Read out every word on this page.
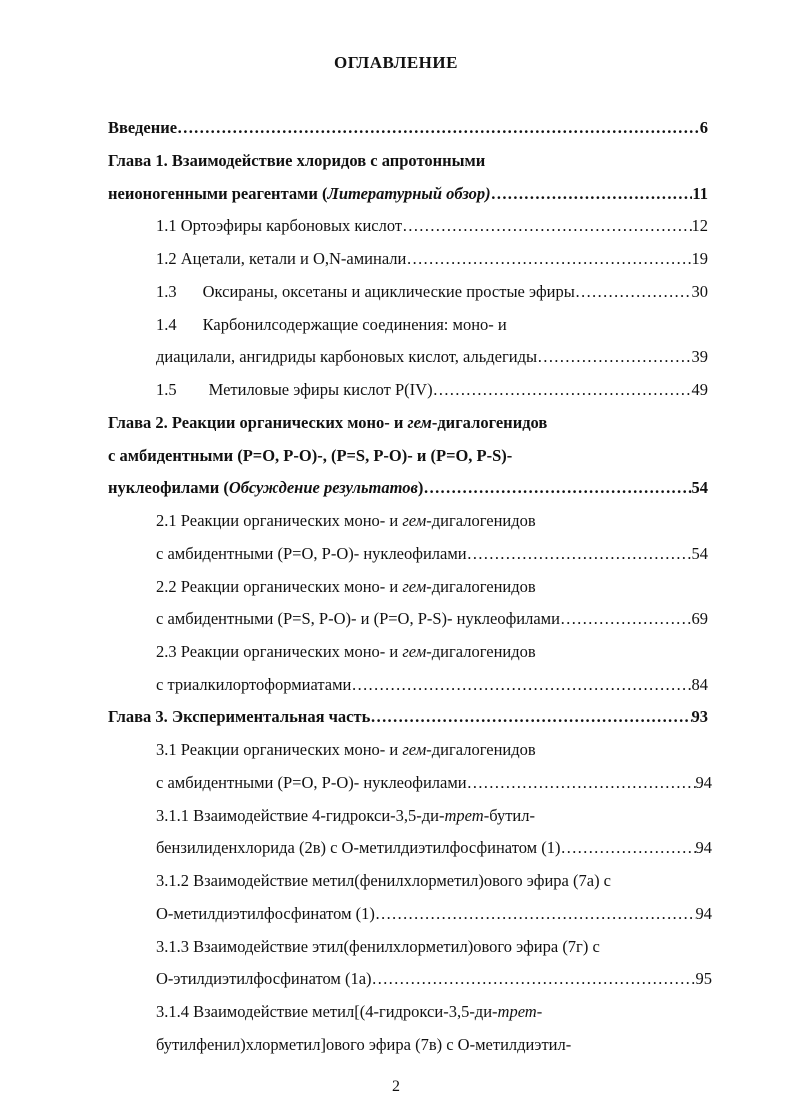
ОГЛАВЛЕНИЕ
Введение ……………………………………………………………………………………………………………………………………………………………………………	6
Глава 1. Взаимодействие хлоридов с апротонными
неионогенными реагентами (Литературный обзор) ……………………………………………………………………………………………………………………………………………………………………………	11
1.1 Ортоэфиры карбоновых кислот ……………………………………………………………………………………………………………………………………………………………………………	12
1.2 Ацетали, кетали и O,N-аминали ……………………………………………………………………………………………………………………………………………………………………………	19
1.3 Оксираны, оксетаны и ациклические простые эфиры ……………………………………………………………………………………………………………………………………………………………………………	30
1.4 Карбонилсодержащие соединения: моно- и
диацилали, ангидриды карбоновых кислот, альдегиды ……………………………………………………………………………………………………………………………………………………………………………	39
1.5 Метиловые эфиры кислот P(IV) ……………………………………………………………………………………………………………………………………………………………………………	49
Глава 2. Реакции органических моно- и гем-дигалогенидов
с амбидентными (P=O, P-O)-, (P=S, P-O)- и (P=O, P-S)-
нуклеофилами (Обсуждение результатов) ……………………………………………………………………………………………………………………………………………………………………………	54
2.1 Реакции органических моно- и гем-дигалогенидов
с амбидентными (P=O, P-O)- нуклеофилами ……………………………………………………………………………………………………………………………………………………………………………	54
2.2 Реакции органических моно- и гем-дигалогенидов
с амбидентными (P=S, P-O)- и (P=O, P-S)- нуклеофилами ……………………………………………………………………………………………………………………………………………………………………………	69
2.3 Реакции органических моно- и гем-дигалогенидов
с триалкилортоформиатами ……………………………………………………………………………………………………………………………………………………………………………	84
Глава 3. Экспериментальная часть ……………………………………………………………………………………………………………………………………………………………………………	93
3.1 Реакции органических моно- и гем-дигалогенидов
с амбидентными (P=O, P-O)- нуклеофилами ……………………………………………………………………………………………………………………………………………………………………………	94
3.1.1 Взаимодействие 4-гидрокси-3,5-ди-трет-бутил-
бензилиденхлорида (2в) с О-метилдиэтилфосфинатом (1) ……………………………………………………………………………………………………………………………………………………………………………	94
3.1.2 Взаимодействие метил(фенилхлорметил)ового эфира (7а) с
О-метилдиэтилфосфинатом (1) ……………………………………………………………………………………………………………………………………………………………………………	94
3.1.3 Взаимодействие этил(фенилхлорметил)ового эфира (7г) с
О-этилдиэтилфосфинатом (1а) ……………………………………………………………………………………………………………………………………………………………………………	95
3.1.4 Взаимодействие метил[(4-гидрокси-3,5-ди-трет-
бутилфенил)хлорметил]ового эфира (7в) с О-метилдиэтил-
2
